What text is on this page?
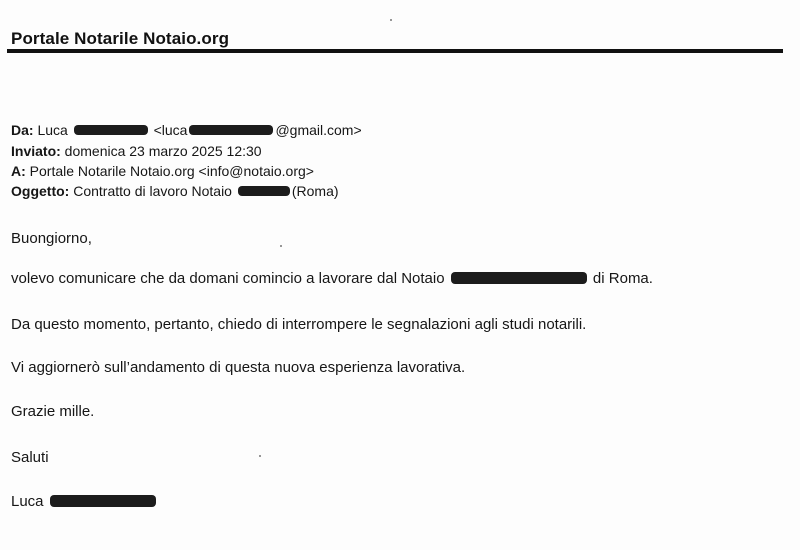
Portale Notarile Notaio.org
Da: Luca	<luca	@gmail.com>
Inviato: domenica 23 marzo 2025 12:30
A: Portale Notarile Notaio.org <info@notaio.org>
Oggetto: Contratto di lavoro Notaio	(Roma)
Buongiorno,
volevo comunicare che da domani comincio a lavorare dal Notaio	di Roma.
Da questo momento, pertanto, chiedo di interrompere le segnalazioni agli studi notarili.
Vi aggiornerò sull’andamento di questa nuova esperienza lavorativa.
Grazie mille.
Saluti
Luca
